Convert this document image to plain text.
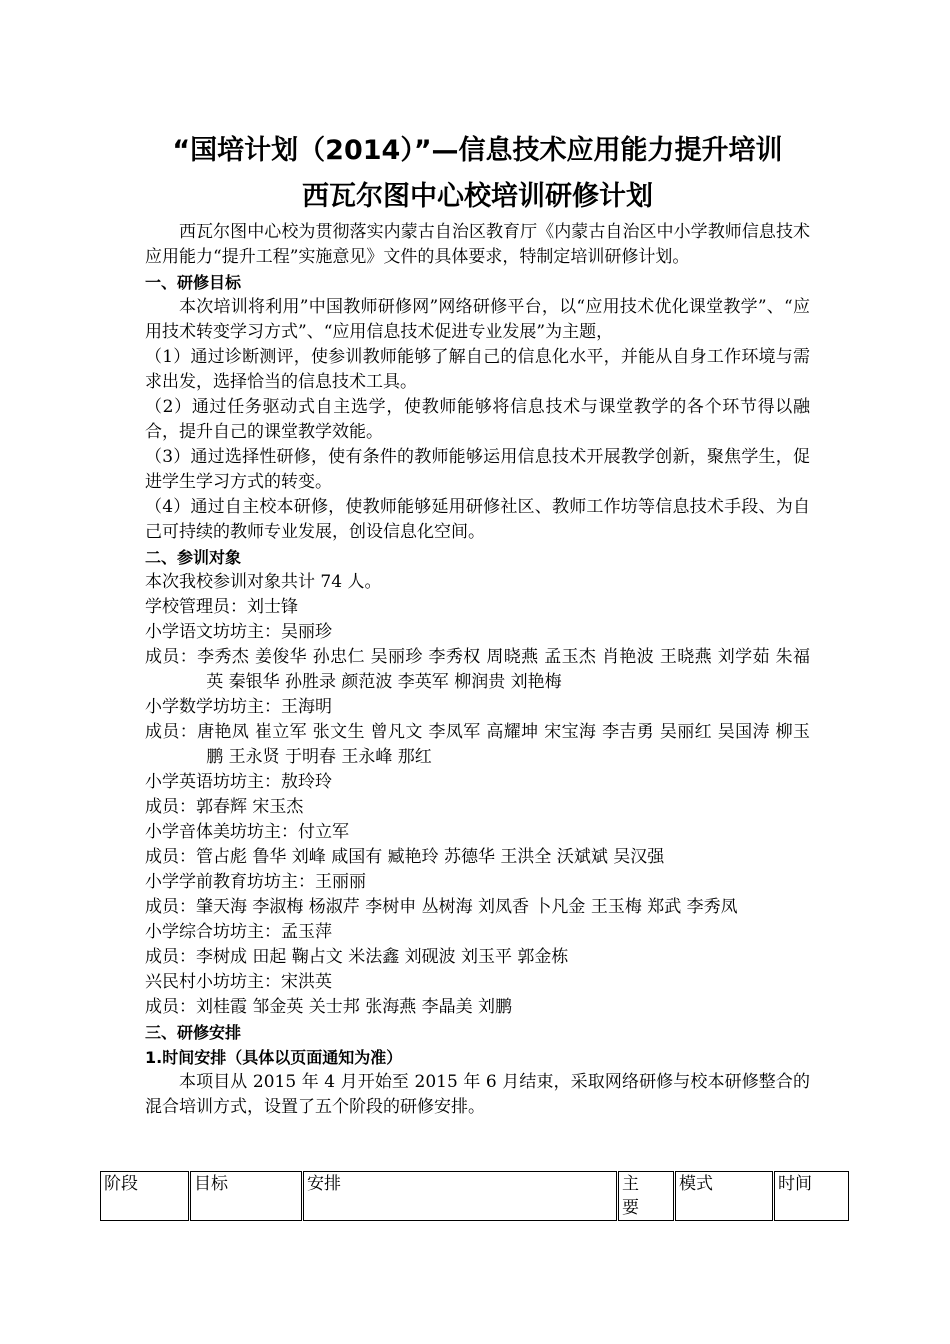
“国培计划（2014）”—信息技术应用能力提升培训
西瓦尔图中心校培训研修计划

西瓦尔图中心校为贯彻落实内蒙古自治区教育厅《内蒙古自治区中小学教师信息技术应用能力“提升工程”实施意见》文件的具体要求，特制定培训研修计划。

一、研修目标

本次培训将利用”中国教师研修网”网络研修平台，以“应用技术优化课堂教学”、“应用技术转变学习方式”、“应用信息技术促进专业发展”为主题，

（1）通过诊断测评，使参训教师能够了解自己的信息化水平，并能从自身工作环境与需求出发，选择恰当的信息技术工具。

（2）通过任务驱动式自主选学，使教师能够将信息技术与课堂教学的各个环节得以融合，提升自己的课堂教学效能。

（3）通过选择性研修，使有条件的教师能够运用信息技术开展教学创新，聚焦学生，促进学生学习方式的转变。

（4）通过自主校本研修，使教师能够延用研修社区、教师工作坊等信息技术手段、为自己可持续的教师专业发展，创设信息化空间。

二、参训对象

本次我校参训对象共计 74 人。

学校管理员：刘士锋

小学语文坊坊主：吴丽珍

成员：李秀杰 姜俊华 孙忠仁 吴丽珍 李秀权 周晓燕 孟玉杰 肖艳波 王晓燕 刘学茹 朱福英 秦银华 孙胜录 颜范波 李英军 柳润贵 刘艳梅

小学数学坊坊主：王海明

成员：唐艳凤 崔立军 张文生 曾凡文 李凤军 高耀坤 宋宝海 李吉勇 吴丽红 吴国涛 柳玉鹏 王永贤 于明春 王永峰 那红

小学英语坊坊主：敖玲玲

成员：郭春辉 宋玉杰

小学音体美坊坊主：付立军

成员：管占彪 鲁华 刘峰 咸国有 臧艳玲 苏德华 王洪全 沃斌斌 吴汉强

小学学前教育坊坊主：王丽丽

成员：肇天海 李淑梅 杨淑芹 李树申 丛树海 刘凤香 卜凡金 王玉梅 郑武 李秀凤

小学综合坊坊主：孟玉萍

成员：李树成 田起 鞠占文 米法鑫 刘砚波 刘玉平 郭金栋

兴民村小坊坊主：宋洪英

成员：刘桂霞 邹金英 关士邦 张海燕 李晶美 刘鹏

三、研修安排

1.时间安排（具体以页面通知为准）

本项目从 2015 年 4 月开始至 2015 年 6 月结束，采取网络研修与校本研修整合的混合培训方式，设置了五个阶段的研修安排。

阶段	目标	安排	主　要	模式	时间
